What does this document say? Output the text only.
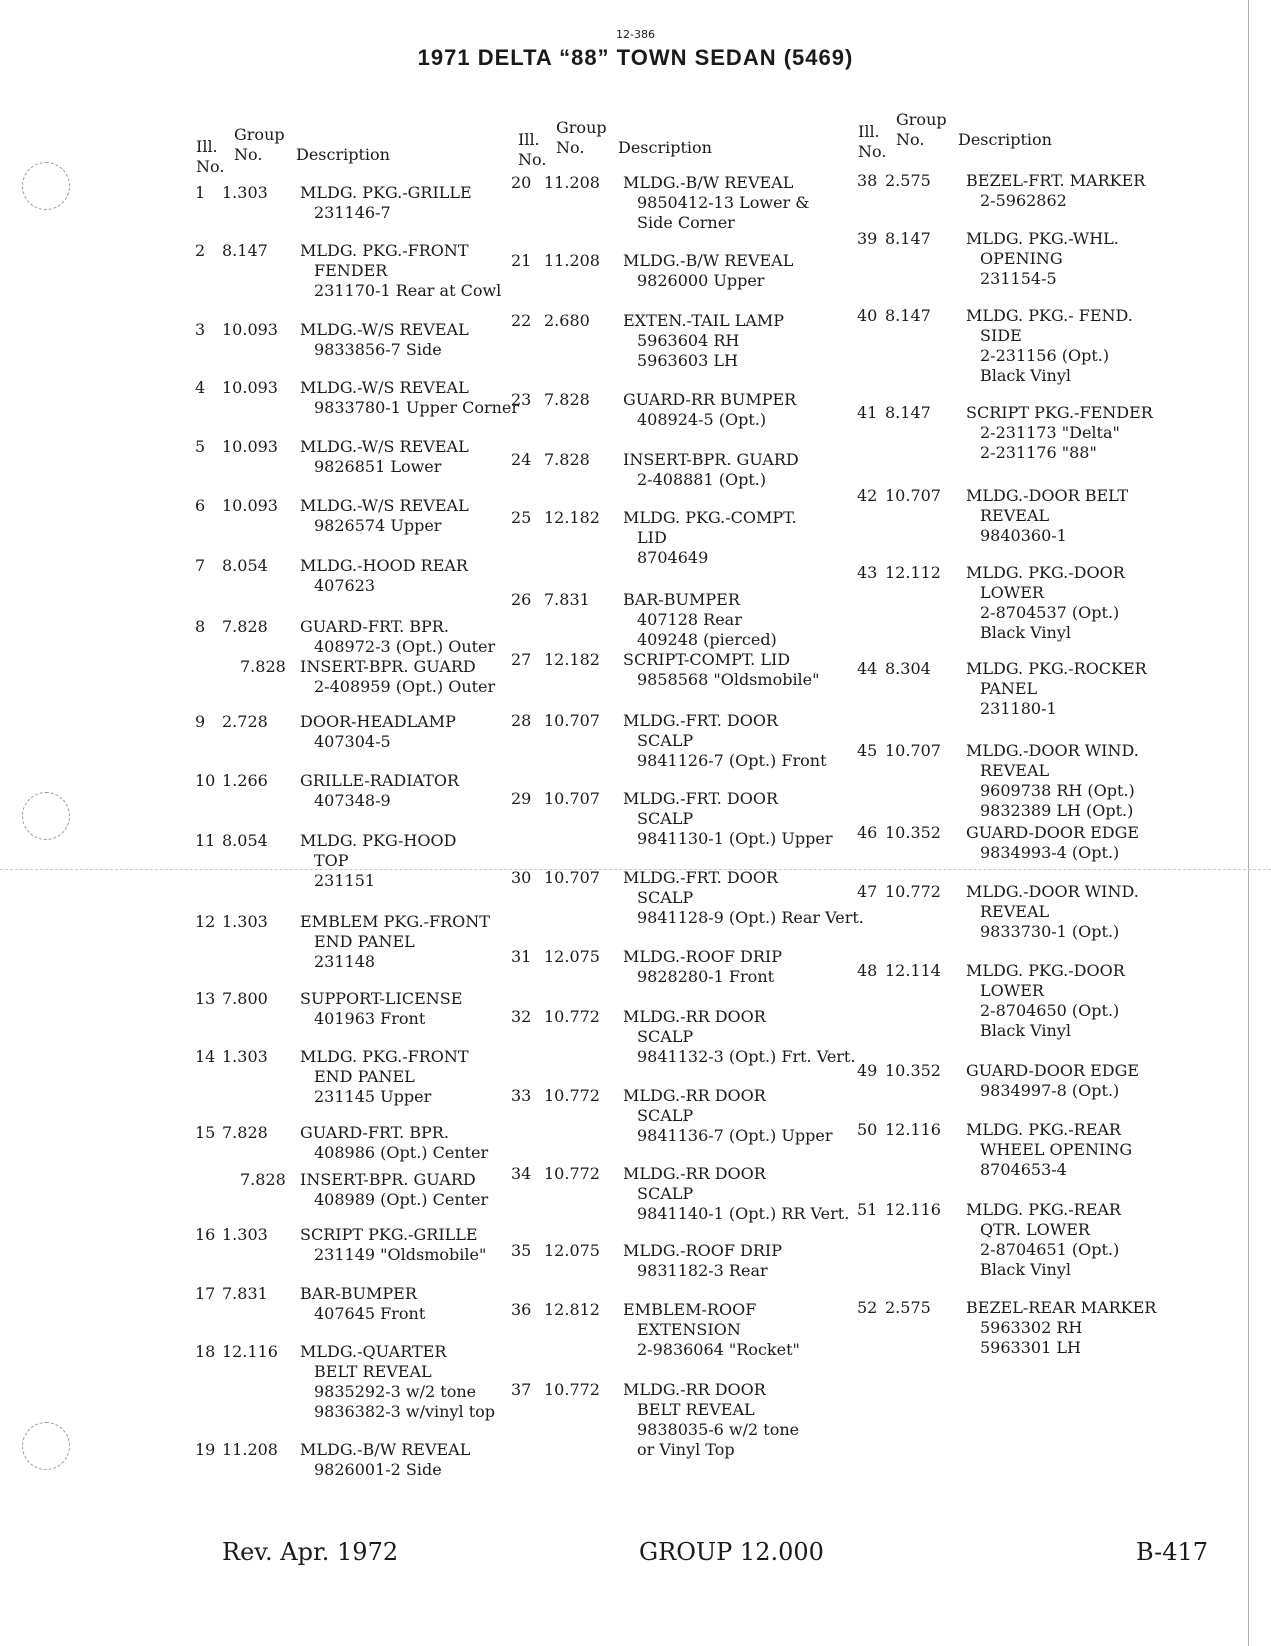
12-386
1971 DELTA “88” TOWN SEDAN (5469)
Ill.
No.
Group
No.	Description
1 1.303 MLDG. PKG.-GRILLE
231146-7
2 8.147 MLDG. PKG.-FRONT
FENDER
231170-1 Rear at Cowl
3 10.093 MLDG.-W/S REVEAL
9833856-7 Side
4 10.093 MLDG.-W/S REVEAL
9833780-1 Upper Corner
5 10.093 MLDG.-W/S REVEAL
9826851 Lower
6 10.093 MLDG.-W/S REVEAL
9826574 Upper
7 8.054 MLDG.-HOOD REAR
407623
8 7.828 GUARD-FRT. BPR.
408972-3 (Opt.) Outer
7.828 INSERT-BPR. GUARD
2-408959 (Opt.) Outer
9 2.728 DOOR-HEADLAMP
407304-5
10 1.266 GRILLE-RADIATOR
407348-9
11 8.054 MLDG. PKG-HOOD
TOP
231151
12 1.303 EMBLEM PKG.-FRONT
END PANEL
231148
13 7.800 SUPPORT-LICENSE
401963 Front
14 1.303 MLDG. PKG.-FRONT
END PANEL
231145 Upper
15 7.828 GUARD-FRT. BPR.
408986 (Opt.) Center
7.828 INSERT-BPR. GUARD
408989 (Opt.) Center
16 1.303 SCRIPT PKG.-GRILLE
231149 "Oldsmobile"
17 7.831 BAR-BUMPER
407645 Front
18 12.116 MLDG.-QUARTER
BELT REVEAL
9835292-3 w/2 tone
9836382-3 w/vinyl top
19 11.208 MLDG.-B/W REVEAL
9826001-2 Side
Ill.
No.
Group
No.	Description
20 11.208 MLDG.-B/W REVEAL
9850412-13 Lower &
Side Corner
21 11.208 MLDG.-B/W REVEAL
9826000 Upper
22 2.680 EXTEN.-TAIL LAMP
5963604 RH
5963603 LH
23 7.828 GUARD-RR BUMPER
408924-5 (Opt.)
24 7.828 INSERT-BPR. GUARD
2-408881 (Opt.)
25 12.182 MLDG. PKG.-COMPT.
LID
8704649
26 7.831 BAR-BUMPER
407128 Rear
409248 (pierced)
27 12.182 SCRIPT-COMPT. LID
9858568 "Oldsmobile"
28 10.707 MLDG.-FRT. DOOR
SCALP
9841126-7 (Opt.) Front
29 10.707 MLDG.-FRT. DOOR
SCALP
9841130-1 (Opt.) Upper
30 10.707 MLDG.-FRT. DOOR
SCALP
9841128-9 (Opt.) Rear Vert.
31 12.075 MLDG.-ROOF DRIP
9828280-1 Front
32 10.772 MLDG.-RR DOOR
SCALP
9841132-3 (Opt.) Frt. Vert.
33 10.772 MLDG.-RR DOOR
SCALP
9841136-7 (Opt.) Upper
34 10.772 MLDG.-RR DOOR
SCALP
9841140-1 (Opt.) RR Vert.
35 12.075 MLDG.-ROOF DRIP
9831182-3 Rear
36 12.812 EMBLEM-ROOF
EXTENSION
2-9836064 "Rocket"
37 10.772 MLDG.-RR DOOR
BELT REVEAL
9838035-6 w/2 tone
or Vinyl Top
Ill.
No.
Group
No.	Description
38 2.575 BEZEL-FRT. MARKER
2-5962862
39 8.147 MLDG. PKG.-WHL.
OPENING
231154-5
40 8.147 MLDG. PKG.- FEND.
SIDE
2-231156 (Opt.)
Black Vinyl
41 8.147 SCRIPT PKG.-FENDER
2-231173 "Delta"
2-231176 "88"
42 10.707 MLDG.-DOOR BELT
REVEAL
9840360-1
43 12.112 MLDG. PKG.-DOOR
LOWER
2-8704537 (Opt.)
Black Vinyl
44 8.304 MLDG. PKG.-ROCKER
PANEL
231180-1
45 10.707 MLDG.-DOOR WIND.
REVEAL
9609738 RH (Opt.)
9832389 LH (Opt.)
46 10.352 GUARD-DOOR EDGE
9834993-4 (Opt.)
47 10.772 MLDG.-DOOR WIND.
REVEAL
9833730-1 (Opt.)
48 12.114 MLDG. PKG.-DOOR
LOWER
2-8704650 (Opt.)
Black Vinyl
49 10.352 GUARD-DOOR EDGE
9834997-8 (Opt.)
50 12.116 MLDG. PKG.-REAR
WHEEL OPENING
8704653-4
51 12.116 MLDG. PKG.-REAR
QTR. LOWER
2-8704651 (Opt.)
Black Vinyl
52 2.575 BEZEL-REAR MARKER
5963302 RH
5963301 LH
Rev. Apr. 1972	GROUP 12.000	B-417
